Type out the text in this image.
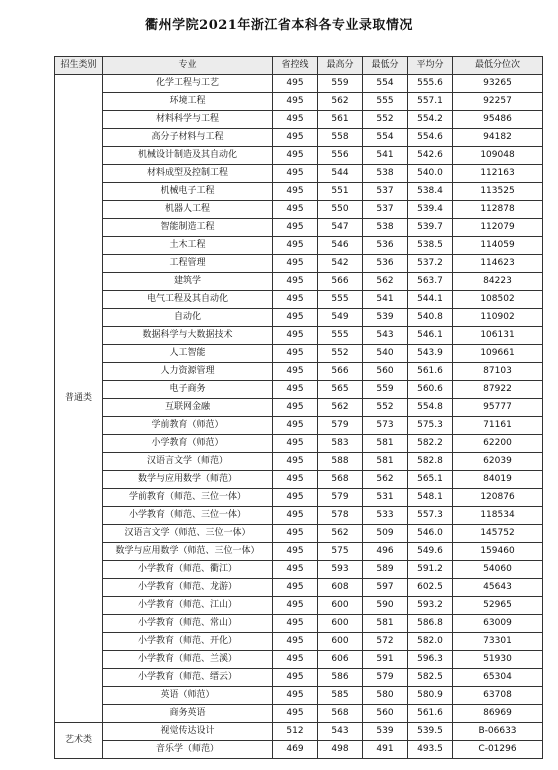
衢州学院2021年浙江省本科各专业录取情况
招生类别	专业	省控线	最高分	最低分	平均分	最低分位次
普通类	化学工程与工艺	495	559	554	555.6	93265
	环境工程	495	562	555	557.1	92257
	材料科学与工程	495	561	552	554.2	95486
	高分子材料与工程	495	558	554	554.6	94182
	机械设计制造及其自动化	495	556	541	542.6	109048
	材料成型及控制工程	495	544	538	540.0	112163
	机械电子工程	495	551	537	538.4	113525
	机器人工程	495	550	537	539.4	112878
	智能制造工程	495	547	538	539.7	112079
	土木工程	495	546	536	538.5	114059
	工程管理	495	542	536	537.2	114623
	建筑学	495	566	562	563.7	84223
	电气工程及其自动化	495	555	541	544.1	108502
	自动化	495	549	539	540.8	110902
	数据科学与大数据技术	495	555	543	546.1	106131
	人工智能	495	552	540	543.9	109661
	人力资源管理	495	566	560	561.6	87103
	电子商务	495	565	559	560.6	87922
	互联网金融	495	562	552	554.8	95777
	学前教育（师范）	495	579	573	575.3	71161
	小学教育（师范）	495	583	581	582.2	62200
	汉语言文学（师范）	495	588	581	582.8	62039
	数学与应用数学（师范）	495	568	562	565.1	84019
	学前教育（师范、三位一体）	495	579	531	548.1	120876
	小学教育（师范、三位一体）	495	578	533	557.3	118534
	汉语言文学（师范、三位一体）	495	562	509	546.0	145752
	数学与应用数学（师范、三位一体）	495	575	496	549.6	159460
	小学教育（师范、衢江）	495	593	589	591.2	54060
	小学教育（师范、龙游）	495	608	597	602.5	45643
	小学教育（师范、江山）	495	600	590	593.2	52965
	小学教育（师范、常山）	495	600	581	586.8	63009
	小学教育（师范、开化）	495	600	572	582.0	73301
	小学教育（师范、兰溪）	495	606	591	596.3	51930
	小学教育（师范、缙云）	495	586	579	582.5	65304
	英语（师范）	495	585	580	580.9	63708
	商务英语	495	568	560	561.6	86969
艺术类	视觉传达设计	512	543	539	539.5	B-06633
	音乐学（师范）	469	498	491	493.5	C-01296
